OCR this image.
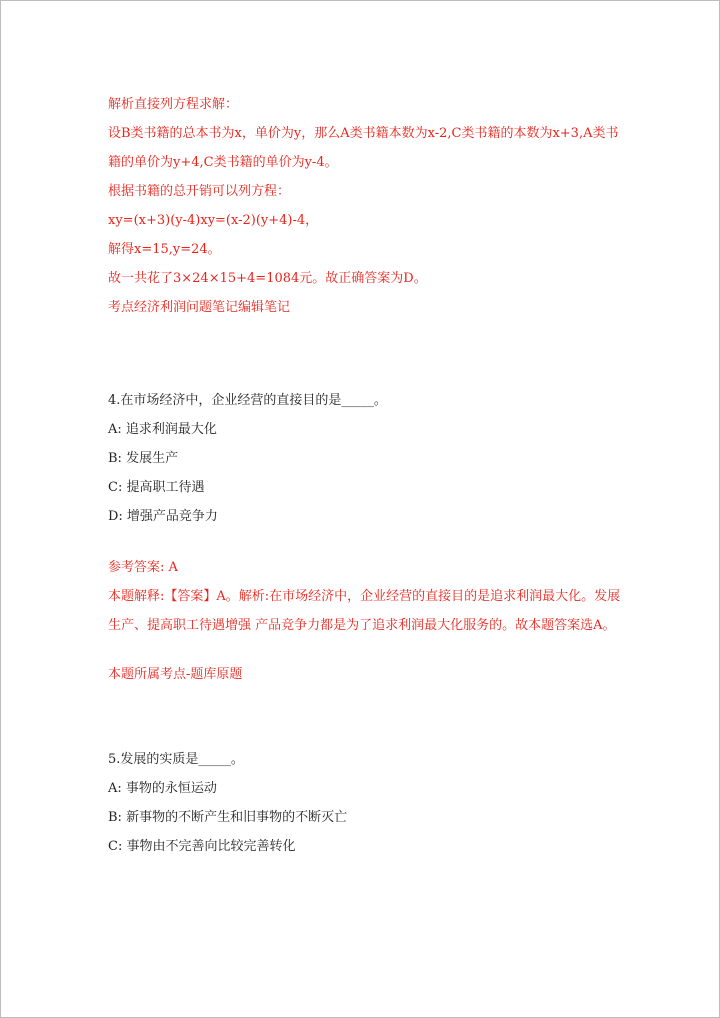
解析直接列方程求解：
设B类书籍的总本书为x，单价为y，那么A类书籍本数为x-2,C类书籍的本数为x+3,A类书籍的单价为y+4,C类书籍的单价为y-4。
根据书籍的总开销可以列方程：
xy=(x+3)(y-4)xy=(x-2)(y+4)-4，
解得x=15,y=24。
故一共花了3×24×15+4=1084元。故正确答案为D。
考点经济利润问题笔记编辑笔记
4.在市场经济中，企业经营的直接目的是_____。
A: 追求利润最大化
B: 发展生产
C: 提高职工待遇
D: 增强产品竞争力
参考答案: A
本题解释:【答案】A。解析:在市场经济中，企业经营的直接目的是追求利润最大化。发展生产、提高职工待遇增强 产品竞争力都是为了追求利润最大化服务的。故本题答案选A。
本题所属考点-题库原题
5.发展的实质是_____。
A: 事物的永恒运动
B: 新事物的不断产生和旧事物的不断灭亡
C: 事物由不完善向比较完善转化
